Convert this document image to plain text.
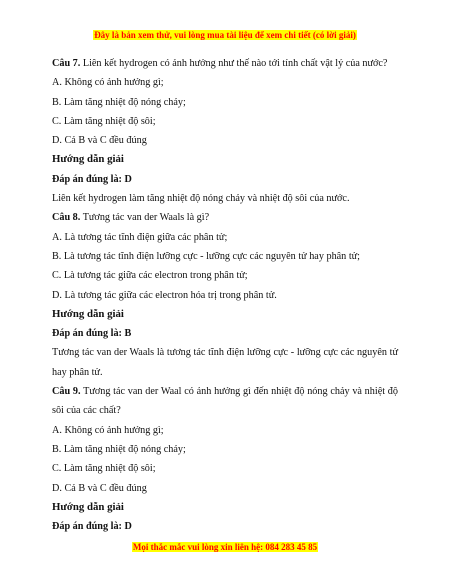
Đây là bản xem thử, vui lòng mua tài liệu để xem chi tiết (có lời giải)

Câu 7. Liên kết hydrogen có ảnh hưởng như thế nào tới tính chất vật lý của nước?

A. Không có ảnh hưởng gì;

B. Làm tăng nhiệt độ nóng chảy;

C. Làm tăng nhiệt độ sôi;

D. Cả B và C đều đúng

Hướng dẫn giải

Đáp án đúng là: D

Liên kết hydrogen làm tăng nhiệt độ nóng chảy và nhiệt độ sôi của nước.

Câu 8. Tương tác van der Waals là gì?

A. Là tương tác tĩnh điện giữa các phân tử;

B. Là tương tác tĩnh điện lưỡng cực - lưỡng cực các nguyên tử hay phân tử;

C. Là tương tác giữa các electron trong phân tử;

D. Là tương tác giữa các electron hóa trị trong phân tử.

Hướng dẫn giải

Đáp án đúng là: B

Tương tác van der Waals là tương tác tĩnh điện lưỡng cực - lưỡng cực các nguyên tử hay phân tử.

Câu 9. Tương tác van der Waal có ảnh hưởng gì đến nhiệt độ nóng chảy và nhiệt độ sôi của các chất?

A. Không có ảnh hưởng gì;

B. Làm tăng nhiệt độ nóng chảy;

C. Làm tăng nhiệt độ sôi;

D. Cả B và C đều đúng

Hướng dẫn giải

Đáp án đúng là: D

Mọi thắc mắc vui lòng xin liên hệ: 084 283 45 85
